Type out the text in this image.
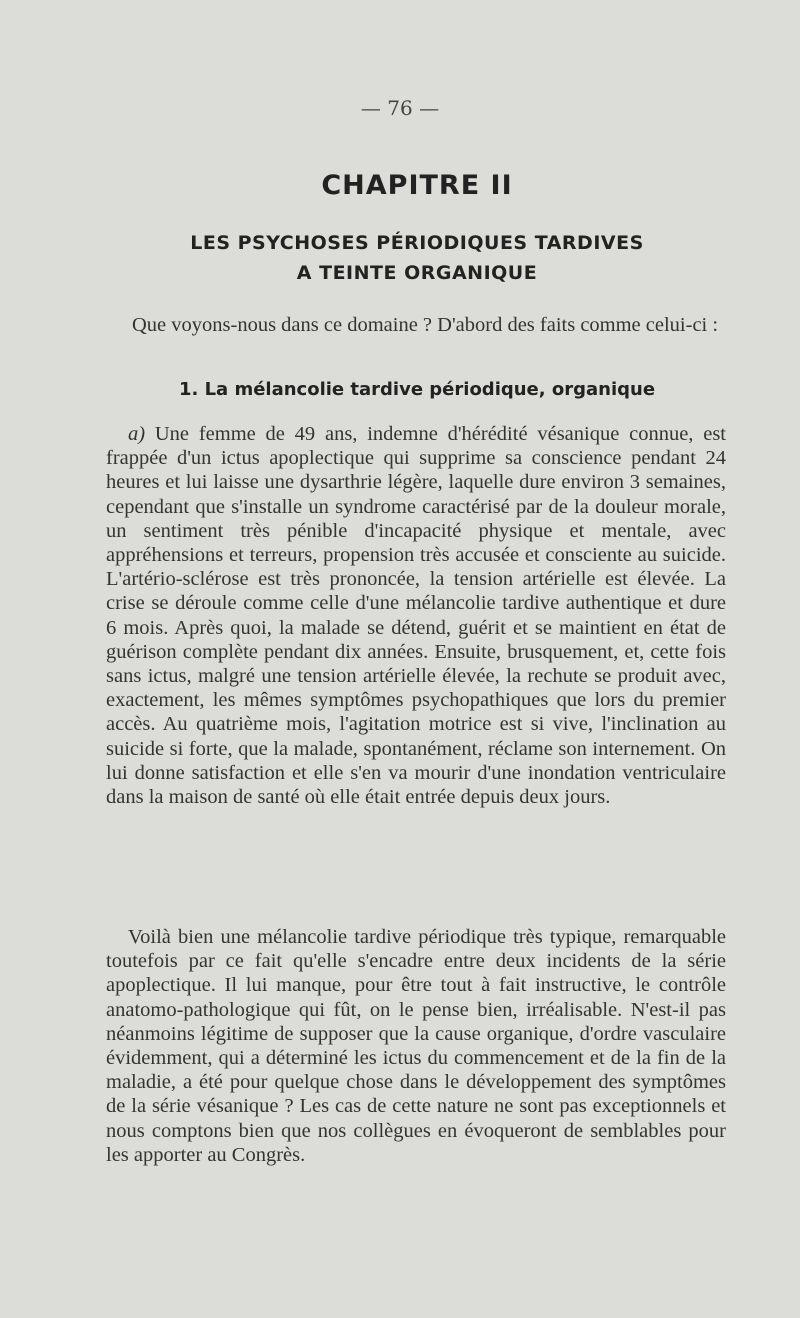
— 76 —
CHAPITRE II
LES PSYCHOSES PÉRIODIQUES TARDIVES
A TEINTE ORGANIQUE

Que voyons-nous dans ce domaine ? D'abord des faits comme celui-ci :

1. La mélancolie tardive périodique, organique

a) Une femme de 49 ans, indemne d'hérédité vésanique connue, est frappée d'un ictus apoplectique qui supprime sa conscience pendant 24 heures et lui laisse une dysarthrie légère, laquelle dure environ 3 semaines, cependant que s'installe un syndrome caractérisé par de la douleur morale, un sentiment très pénible d'incapacité physique et mentale, avec appréhensions et terreurs, propension très accusée et consciente au suicide. L'artério-sclérose est très prononcée, la tension artérielle est élevée. La crise se déroule comme celle d'une mélancolie tardive authentique et dure 6 mois. Après quoi, la malade se détend, guérit et se maintient en état de guérison complète pendant dix années. Ensuite, brusquement, et, cette fois sans ictus, malgré une tension artérielle élevée, la rechute se produit avec, exactement, les mêmes symptômes psychopathiques que lors du premier accès. Au quatrième mois, l'agitation motrice est si vive, l'inclination au suicide si forte, que la malade, spontanément, réclame son internement. On lui donne satisfaction et elle s'en va mourir d'une inondation ventriculaire dans la maison de santé où elle était entrée depuis deux jours.

Voilà bien une mélancolie tardive périodique très typique, remarquable toutefois par ce fait qu'elle s'encadre entre deux incidents de la série apoplectique. Il lui manque, pour être tout à fait instructive, le contrôle anatomo-pathologique qui fût, on le pense bien, irréalisable. N'est-il pas néanmoins légitime de supposer que la cause organique, d'ordre vasculaire évidemment, qui a déterminé les ictus du commencement et de la fin de la maladie, a été pour quelque chose dans le développement des symptômes de la série vésanique ? Les cas de cette nature ne sont pas exceptionnels et nous comptons bien que nos collègues en évoqueront de semblables pour les apporter au Congrès.
